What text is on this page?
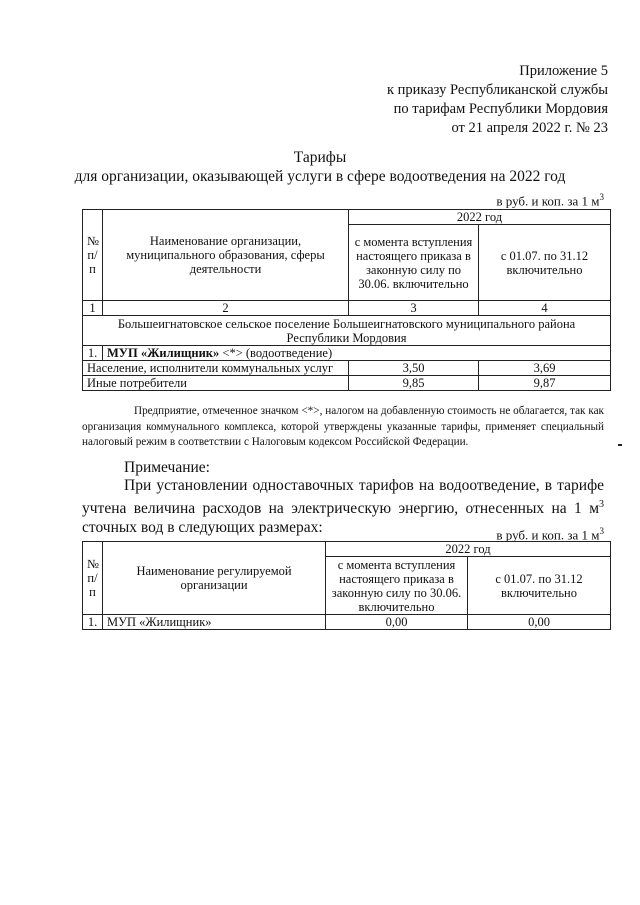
Приложение 5
к приказу Республиканской службы
по тарифам Республики Мордовия
от 21 апреля 2022 г. № 23
Тарифы
для организации, оказывающей услуги в сфере водоотведения на 2022 год
в руб. и коп. за 1 $м^3$
№ п/п	Наименование организации, муниципального образования, сферы деятельности	2022 год	
		с момента вступления настоящего приказа в законную силу по 30.06. включительно	с 01.07. по 31.12 включительно
1	2	3	4
Большеигнатовское сельское поселение Большеигнатовского муниципального района Республики Мордовия			
1.	МУП «Жилищник» <*> (водоотведение)		
Население, исполнители коммунальных услуг		3,50	3,69
Иные потребители		9,85	9,87
Предприятие, отмеченное значком <*>, налогом на добавленную стоимость не облагается, так как организация коммунального комплекса, которой утверждены указанные тарифы, применяет специальный налоговый режим в соответствии с Налоговым кодексом Российской Федерации.
Примечание:
При установлении одноставочных тарифов на водоотведение, в тарифе учтена величина расходов на электрическую энергию, отнесенных на 1 $м^3$ сточных вод в следующих размерах:	в руб. и коп. за 1 $м^3$
№ п/ п	Наименование регулируемой организации	2022 год	
		с момента вступления настоящего приказа в законную силу по 30.06. включительно	с 01.07. по 31.12 включительно
1.	МУП «Жилищник»	0,00	0,00
